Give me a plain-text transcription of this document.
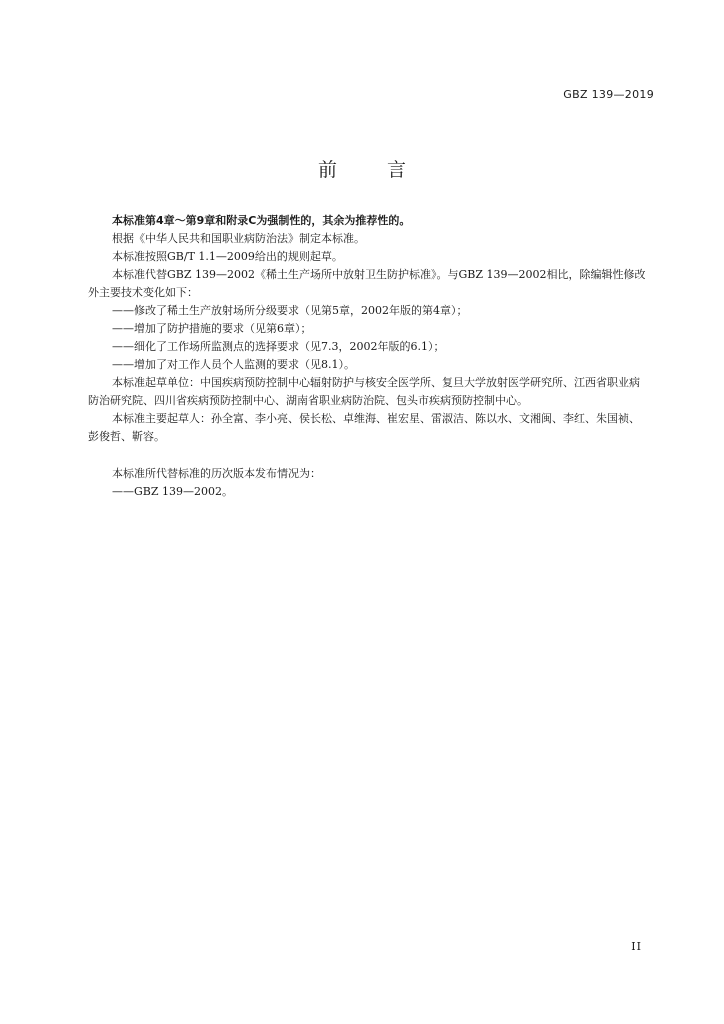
GBZ 139—2019
前 言

本标准第4章～第9章和附录C为强制性的，其余为推荐性的。

根据《中华人民共和国职业病防治法》制定本标准。

本标准按照GB/T 1.1—2009给出的规则起草。

本标准代替GBZ 139—2002《稀土生产场所中放射卫生防护标准》。与GBZ 139—2002相比，除编辑性修改外主要技术变化如下：

——修改了稀土生产放射场所分级要求（见第5章，2002年版的第4章）；

——增加了防护措施的要求（见第6章）；

——细化了工作场所监测点的选择要求（见7.3，2002年版的6.1）；

——增加了对工作人员个人监测的要求（见8.1）。

本标准起草单位：中国疾病预防控制中心辐射防护与核安全医学所、复旦大学放射医学研究所、江西省职业病防治研究院、四川省疾病预防控制中心、湖南省职业病防治院、包头市疾病预防控制中心。

本标准主要起草人：孙全富、李小亮、侯长松、卓维海、崔宏星、雷淑洁、陈以水、文湘闽、李红、朱国祯、彭俊哲、靳容。

本标准所代替标准的历次版本发布情况为：

——GBZ 139—2002。

II
